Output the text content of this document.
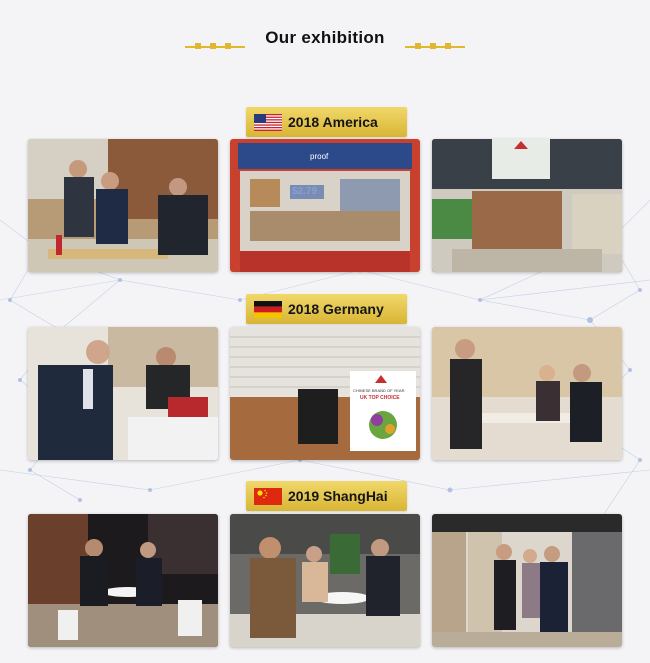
Our exhibition
2018 America
proof
2018 Germany
CHINESE BRAND OF YEAR
UK TOP CHOICE
2019 ShangHai
